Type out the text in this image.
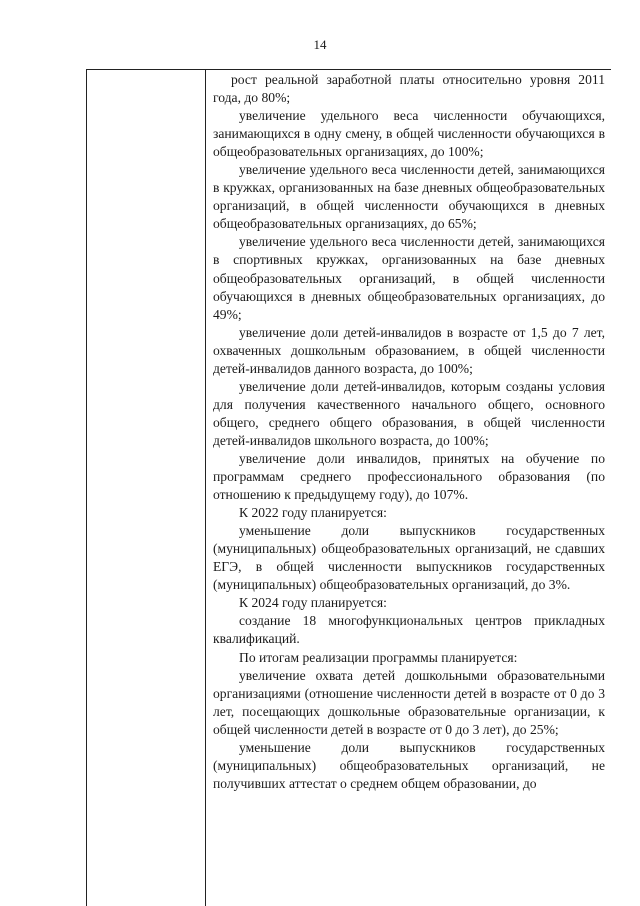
14

рост реальной заработной платы относительно уровня 2011 года, до 80%;

увеличение удельного веса численности обучающихся, занимающихся в одну смену, в общей численности обучающихся в общеобразовательных организациях, до 100%;

увеличение удельного веса численности детей, занимающихся в кружках, организованных на базе дневных общеобразовательных организаций, в общей численности обучающихся в дневных общеобразовательных организациях, до 65%;

увеличение удельного веса численности детей, занимающихся в спортивных кружках, организованных на базе дневных общеобразовательных организаций, в общей численности обучающихся в дневных общеобразовательных организациях, до 49%;

увеличение доли детей-инвалидов в возрасте от 1,5 до 7 лет, охваченных дошкольным образованием, в общей численности детей-инвалидов данного возраста, до 100%;

увеличение доли детей-инвалидов, которым созданы условия для получения качественного начального общего, основного общего, среднего общего образования, в общей численности детей-инвалидов школьного возраста, до 100%;

увеличение доли инвалидов, принятых на обучение по программам среднего профессионального образования (по отношению к предыдущему году), до 107%.

К 2022 году планируется:

уменьшение доли выпускников государственных (муниципальных) общеобразовательных организаций, не сдавших ЕГЭ, в общей численности выпускников государственных (муниципальных) общеобразовательных организаций, до 3%.

К 2024 году планируется:

создание 18 многофункциональных центров прикладных квалификаций.

По итогам реализации программы планируется:

увеличение охвата детей дошкольными образовательными организациями (отношение численности детей в возрасте от 0 до 3 лет, посещающих дошкольные образовательные организации, к общей численности детей в возрасте от 0 до 3 лет), до 25%;

уменьшение доли выпускников государственных (муниципальных) общеобразовательных организаций, не получивших аттестат о среднем общем образовании, до
